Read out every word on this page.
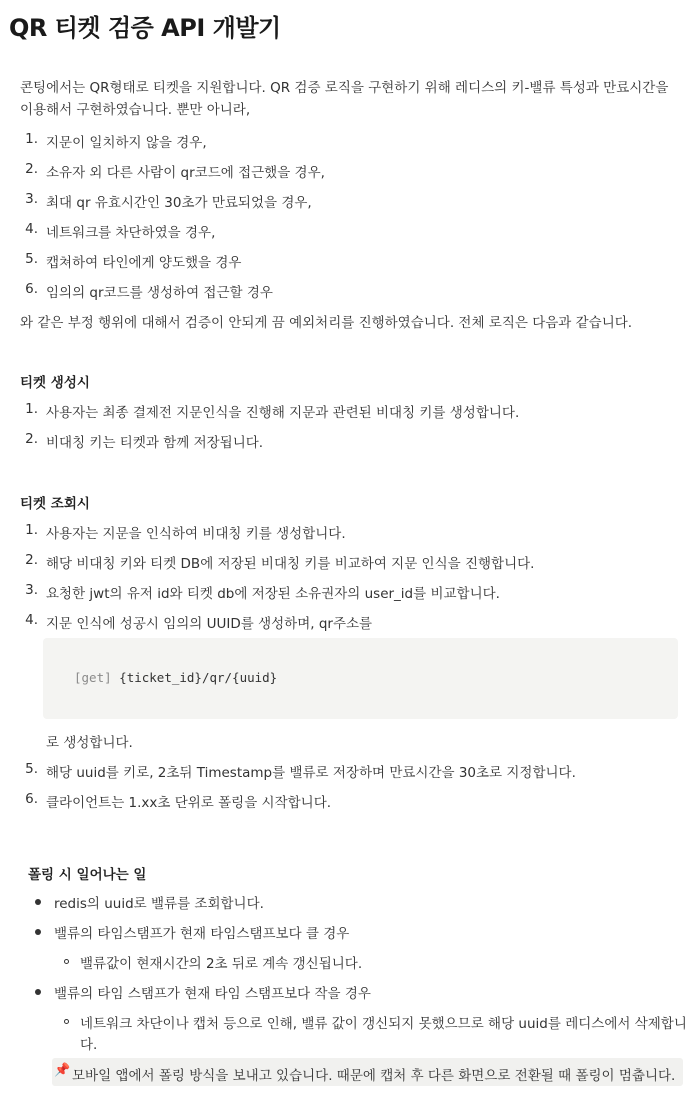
QR 티켓 검증 API 개발기
콘팅에서는 QR형태로 티켓을 지원합니다. QR 검증 로직을 구현하기 위해 레디스의 키-밸류 특성과 만료시간을 이용해서 구현하였습니다. 뿐만 아니라,
1. 지문이 일치하지 않을 경우,
2. 소유자 외 다른 사람이 qr코드에 접근했을 경우,
3. 최대 qr 유효시간인 30초가 만료되었을 경우,
4. 네트워크를 차단하였을 경우,
5. 캡쳐하여 타인에게 양도했을 경우
6. 임의의 qr코드를 생성하여 접근할 경우
와 같은 부정 행위에 대해서 검증이 안되게 끔 예외처리를 진행하였습니다. 전체 로직은 다음과 같습니다.
티켓 생성시
1. 사용자는 최종 결제전 지문인식을 진행해 지문과 관련된 비대칭 키를 생성합니다.
2. 비대칭 키는 티켓과 함께 저장됩니다.
티켓 조회시
1. 사용자는 지문을 인식하여 비대칭 키를 생성합니다.
2. 해당 비대칭 키와 티켓 DB에 저장된 비대칭 키를 비교하여 지문 인식을 진행합니다.
3. 요청한 jwt의 유저 id와 티켓 db에 저장된 소유권자의 user_id를 비교합니다.
4. 지문 인식에 성공시 임의의 UUID를 생성하며, qr주소를
[get] {ticket_id}/qr/{uuid}
로 생성합니다.
5. 해당 uuid를 키로, 2초뒤 Timestamp를 밸류로 저장하며 만료시간을 30초로 지정합니다.
6. 클라이언트는 1.xx초 단위로 폴링을 시작합니다.
폴링 시 일어나는 일
redis의 uuid로 밸류를 조회합니다.
밸류의 타임스탬프가 현재 타임스탬프보다 클 경우
밸류값이 현재시간의 2초 뒤로 계속 갱신됩니다.
밸류의 타임 스탬프가 현재 타임 스탬프보다 작을 경우
네트워크 차단이나 캡처 등으로 인해, 밸류 값이 갱신되지 못했으므로 해당 uuid를 레디스에서 삭제합니
다.
📌 모바일 앱에서 폴링 방식을 보내고 있습니다. 때문에 캡처 후 다른 화면으로 전환될 때 폴링이 멈춥니다.
